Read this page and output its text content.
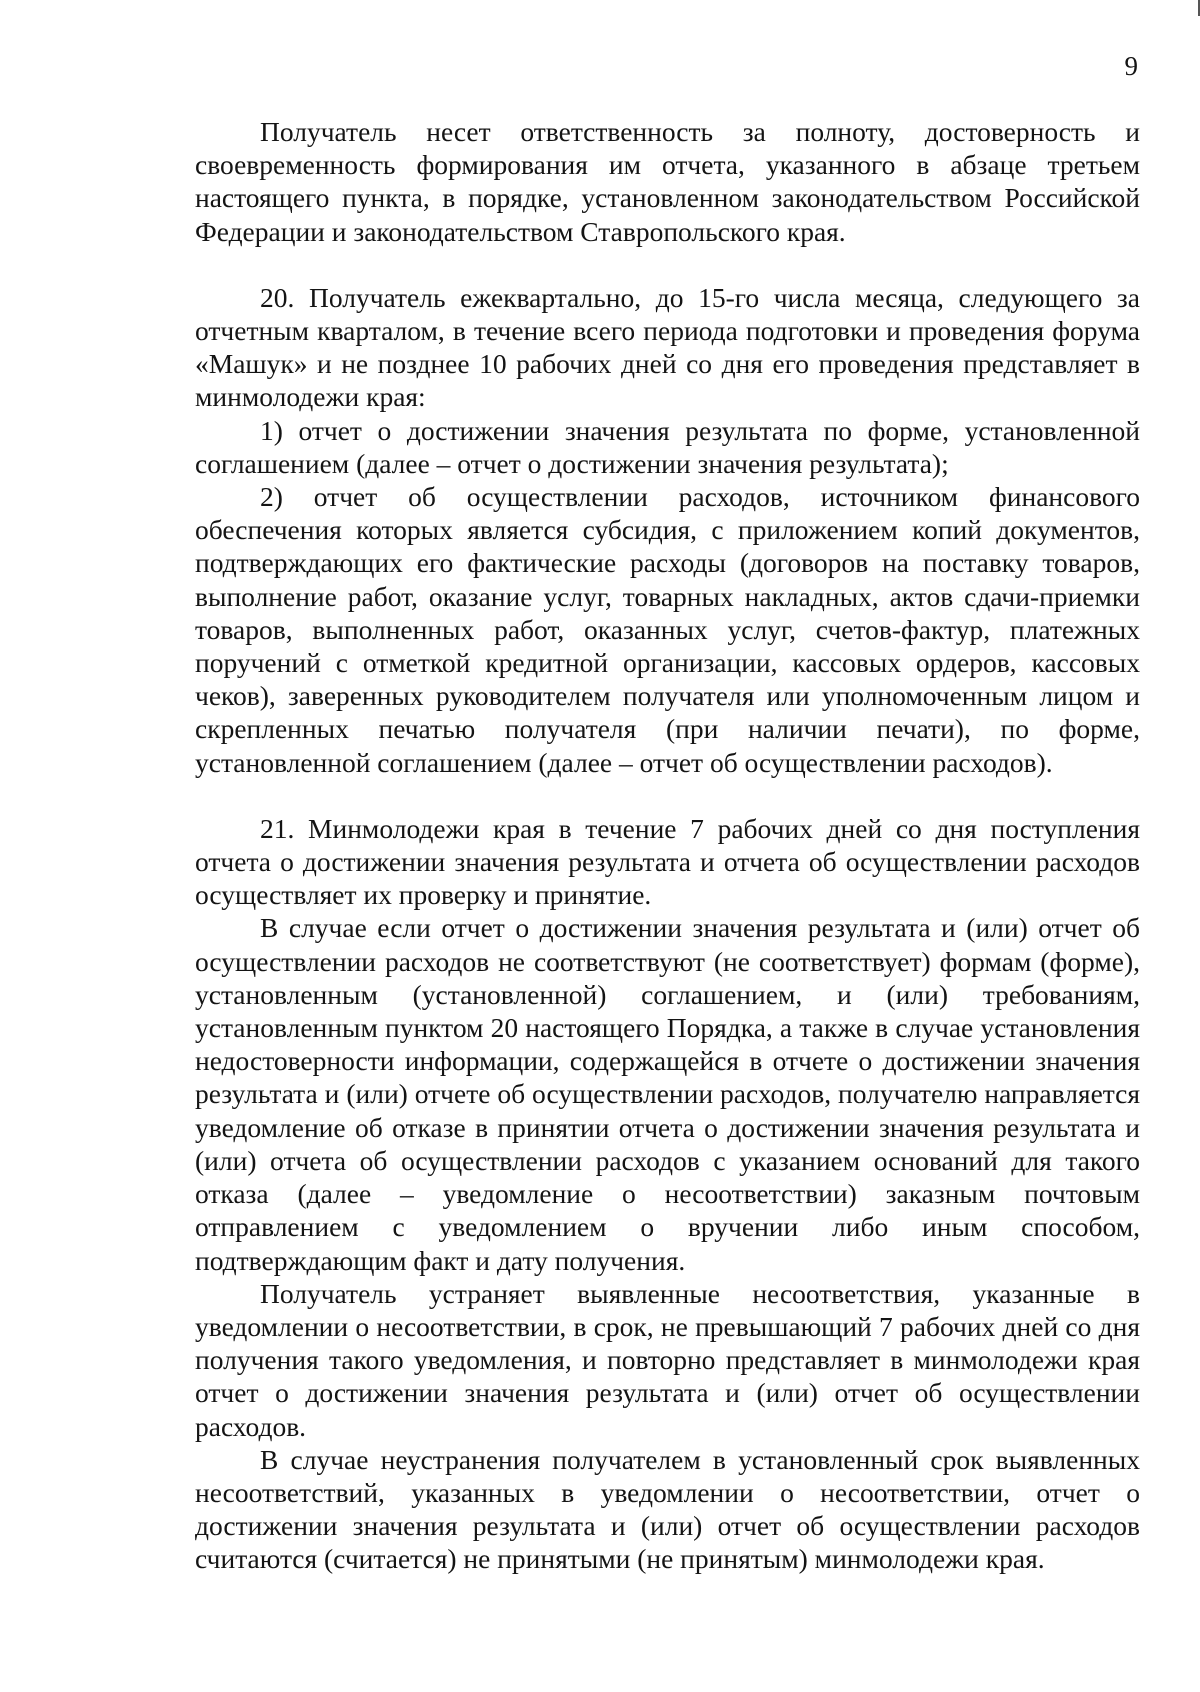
9

Получатель несет ответственность за полноту, достоверность и своевременность формирования им отчета, указанного в абзаце третьем настоящего пункта, в порядке, установленном законодательством Российской Федерации и законодательством Ставропольского края.

20. Получатель ежеквартально, до 15-го числа месяца, следующего за отчетным кварталом, в течение всего периода подготовки и проведения форума «Машук» и не позднее 10 рабочих дней со дня его проведения представляет в минмолодежи края:

1) отчет о достижении значения результата по форме, установленной соглашением (далее – отчет о достижении значения результата);

2) отчет об осуществлении расходов, источником финансового обеспечения которых является субсидия, с приложением копий документов, подтверждающих его фактические расходы (договоров на поставку товаров, выполнение работ, оказание услуг, товарных накладных, актов сдачи-приемки товаров, выполненных работ, оказанных услуг, счетов-фактур, платежных поручений с отметкой кредитной организации, кассовых ордеров, кассовых чеков), заверенных руководителем получателя или уполномоченным лицом и скрепленных печатью получателя (при наличии печати), по форме, установленной соглашением (далее – отчет об осуществлении расходов).

21. Минмолодежи края в течение 7 рабочих дней со дня поступления отчета о достижении значения результата и отчета об осуществлении расходов осуществляет их проверку и принятие.

В случае если отчет о достижении значения результата и (или) отчет об осуществлении расходов не соответствуют (не соответствует) формам (форме), установленным (установленной) соглашением, и (или) требованиям, установленным пунктом 20 настоящего Порядка, а также в случае установления недостоверности информации, содержащейся в отчете о достижении значения результата и (или) отчете об осуществлении расходов, получателю направляется уведомление об отказе в принятии отчета о достижении значения результата и (или) отчета об осуществлении расходов с указанием оснований для такого отказа (далее – уведомление о несоответствии) заказным почтовым отправлением с уведомлением о вручении либо иным способом, подтверждающим факт и дату получения.

Получатель устраняет выявленные несоответствия, указанные в уведомлении о несоответствии, в срок, не превышающий 7 рабочих дней со дня получения такого уведомления, и повторно представляет в минмолодежи края отчет о достижении значения результата и (или) отчет об осуществлении расходов.

В случае неустранения получателем в установленный срок выявленных несоответствий, указанных в уведомлении о несоответствии, отчет о достижении значения результата и (или) отчет об осуществлении расходов считаются (считается) не принятыми (не принятым) минмолодежи края.
